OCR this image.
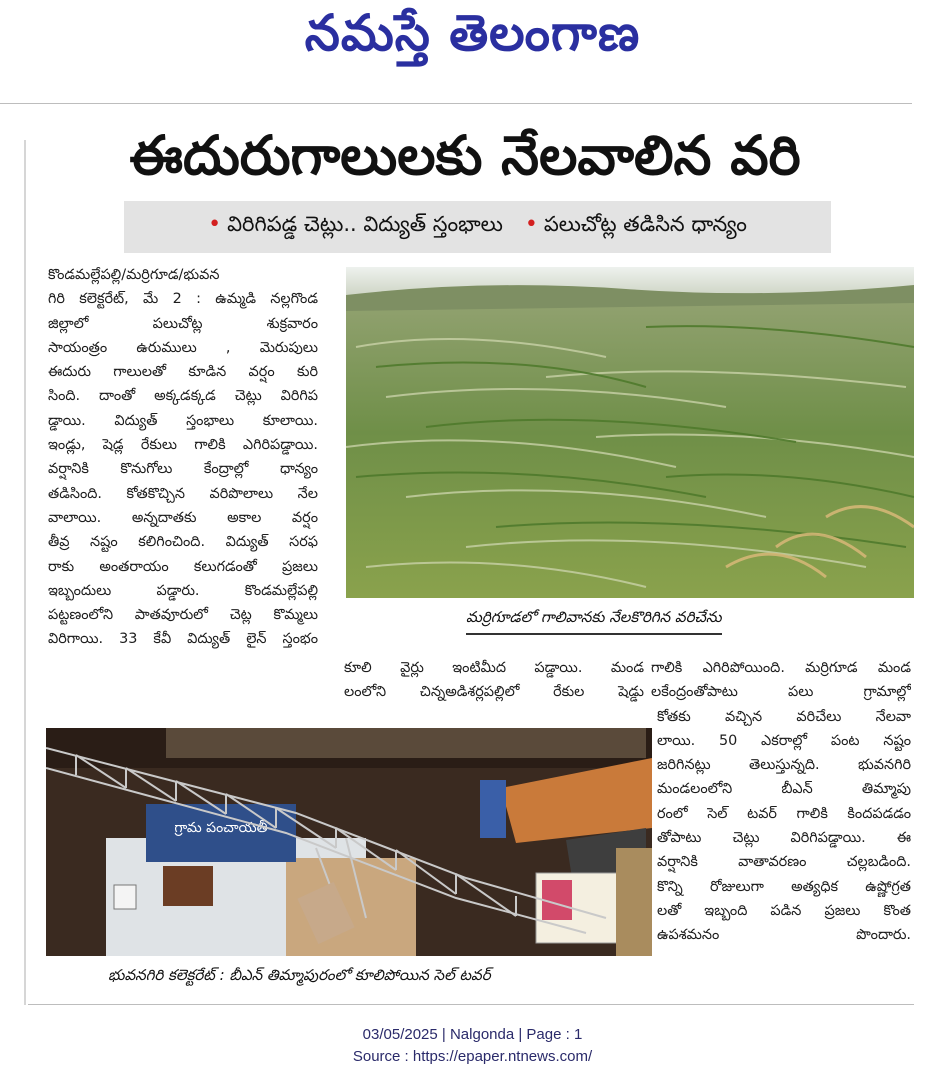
నమస్తే తెలంగాణ
ఈదురుగాలులకు నేలవాలిన వరి
• విరిగిపడ్డ చెట్లు.. విద్యుత్‌ స్తంభాలు • పలుచోట్ల తడిసిన ధాన్యం

కొండమల్లేపల్లి/మర్రిగూడ/భువన

గిరి కలెక్టరేట్‌, మే 2 : ఉమ్మడి నల్లగొండ

జిల్లాలో పలుచోట్ల శుక్రవారం

సాయంత్రం ఉరుములు , మెరుపులు

ఈదురు గాలులతో కూడిన వర్షం కురి

సింది. దాంతో అక్కడక్కడ చెట్లు విరిగిప

డ్డాయి. విద్యుత్‌ స్తంభాలు కూలాయి.

ఇండ్లు, షెడ్ల రేకులు గాలికి ఎగిరిపడ్డాయి.

వర్షానికి కొనుగోలు కేంద్రాల్లో ధాన్యం

తడిసింది. కోతకొచ్చిన వరిపొలాలు నేల

వాలాయి. అన్నదాతకు అకాల వర్షం

తీవ్ర నష్టం కలిగించింది. విద్యుత్‌ సరఫ

రాకు అంతరాయం కలుగడంతో ప్రజలు

ఇబ్బందులు పడ్డారు. కొండమల్లేపల్లి

పట్టణంలోని పాతవూరులో చెట్ల కొమ్మలు

విరిగాయి. 33 కేవీ విద్యుత్‌ లైన్‌ స్తంభం

మర్రిగూడలో గాలివానకు నేలకొరిగిన వరిచేను

కూలి వైర్లు ఇంటిమీద పడ్డాయి. మండ

లంలోని చిన్నఅడిశర్లపల్లిలో రేకుల షెడ్డు

గాలికి ఎగిరిపోయింది. మర్రిగూడ మండ

లకేంద్రంతోపాటు పలు గ్రామాల్లో

కోతకు వచ్చిన వరిచేలు నేలవా

లాయి. 50 ఎకరాల్లో పంట నష్టం

జరిగినట్లు తెలుస్తున్నది. భువనగిరి

మండలంలోని బీఎన్‌ తిమ్మాపు

రంలో సెల్‌ టవర్‌ గాలికి కిందపడడం

తోపాటు చెట్లు విరిగిపడ్డాయి. ఈ

వర్షానికి వాతావరణం చల్లబడింది.

కొన్ని రోజులుగా అత్యధిక ఉష్ణోగ్రత

లతో ఇబ్బంది పడిన ప్రజలు కొంత

ఉపశమనం పొందారు.

గ్రామ పంచాయతీ
భువనగిరి కలెక్టరేట్‌ : బీఎన్‌ తిమ్మాపురంలో కూలిపోయిన సెల్‌ టవర్‌
03/05/2025 | Nalgonda | Page : 1
Source : https://epaper.ntnews.com/
